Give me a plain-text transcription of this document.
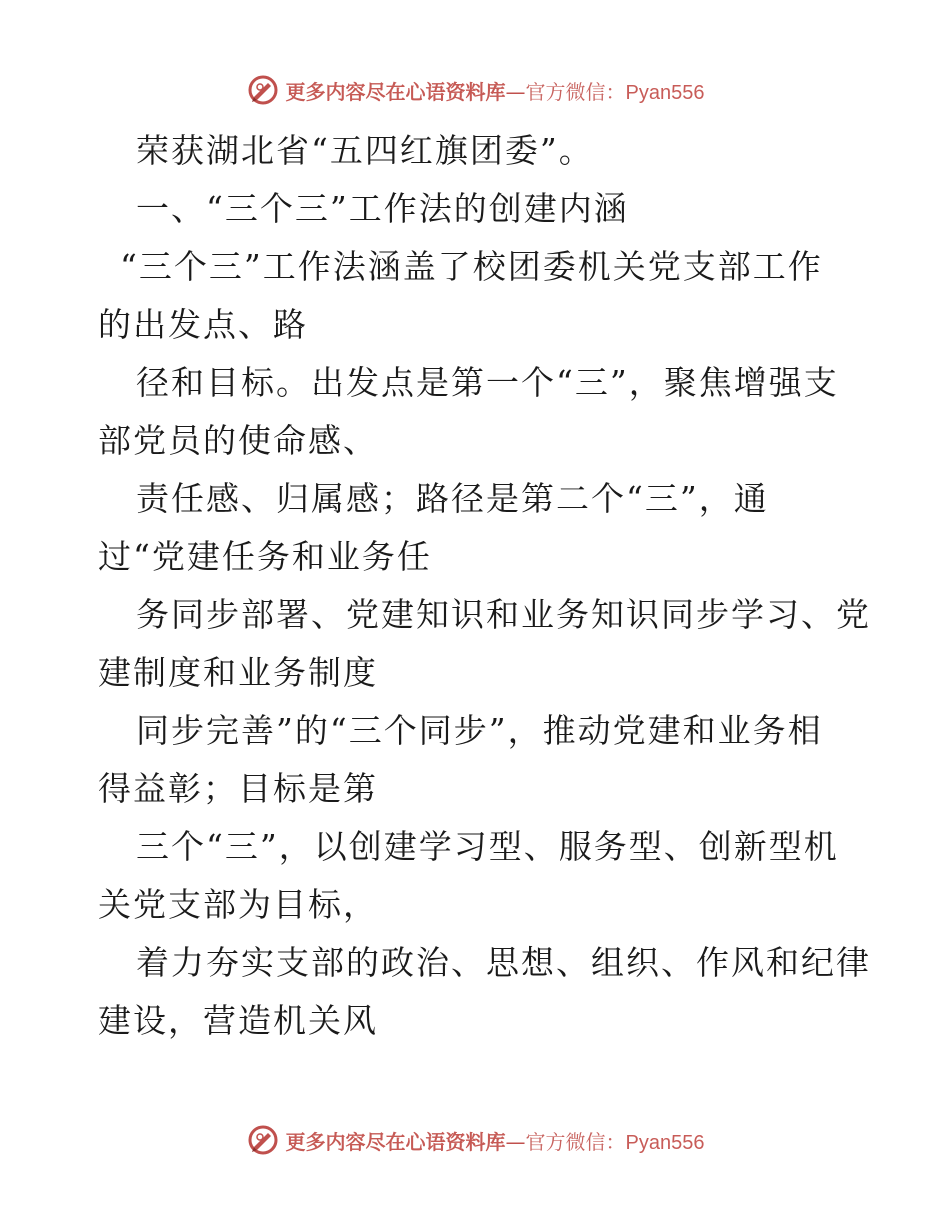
更多内容尽在心语资料库—官方微信：Pyan556
荣获湖北省“五四红旗团委”。
一、“三个三”工作法的创建内涵
“三个三”工作法涵盖了校团委机关党支部工作
的出发点、路
径和目标。出发点是第一个“三”，聚焦增强支
部党员的使命感、
责任感、归属感；路径是第二个“三”，通
过“党建任务和业务任
务同步部署、党建知识和业务知识同步学习、党
建制度和业务制度
同步完善”的“三个同步”，推动党建和业务相
得益彰；目标是第
三个“三”，以创建学习型、服务型、创新型机
关党支部为目标，
着力夯实支部的政治、思想、组织、作风和纪律
建设，营造机关风
更多内容尽在心语资料库—官方微信：Pyan556
